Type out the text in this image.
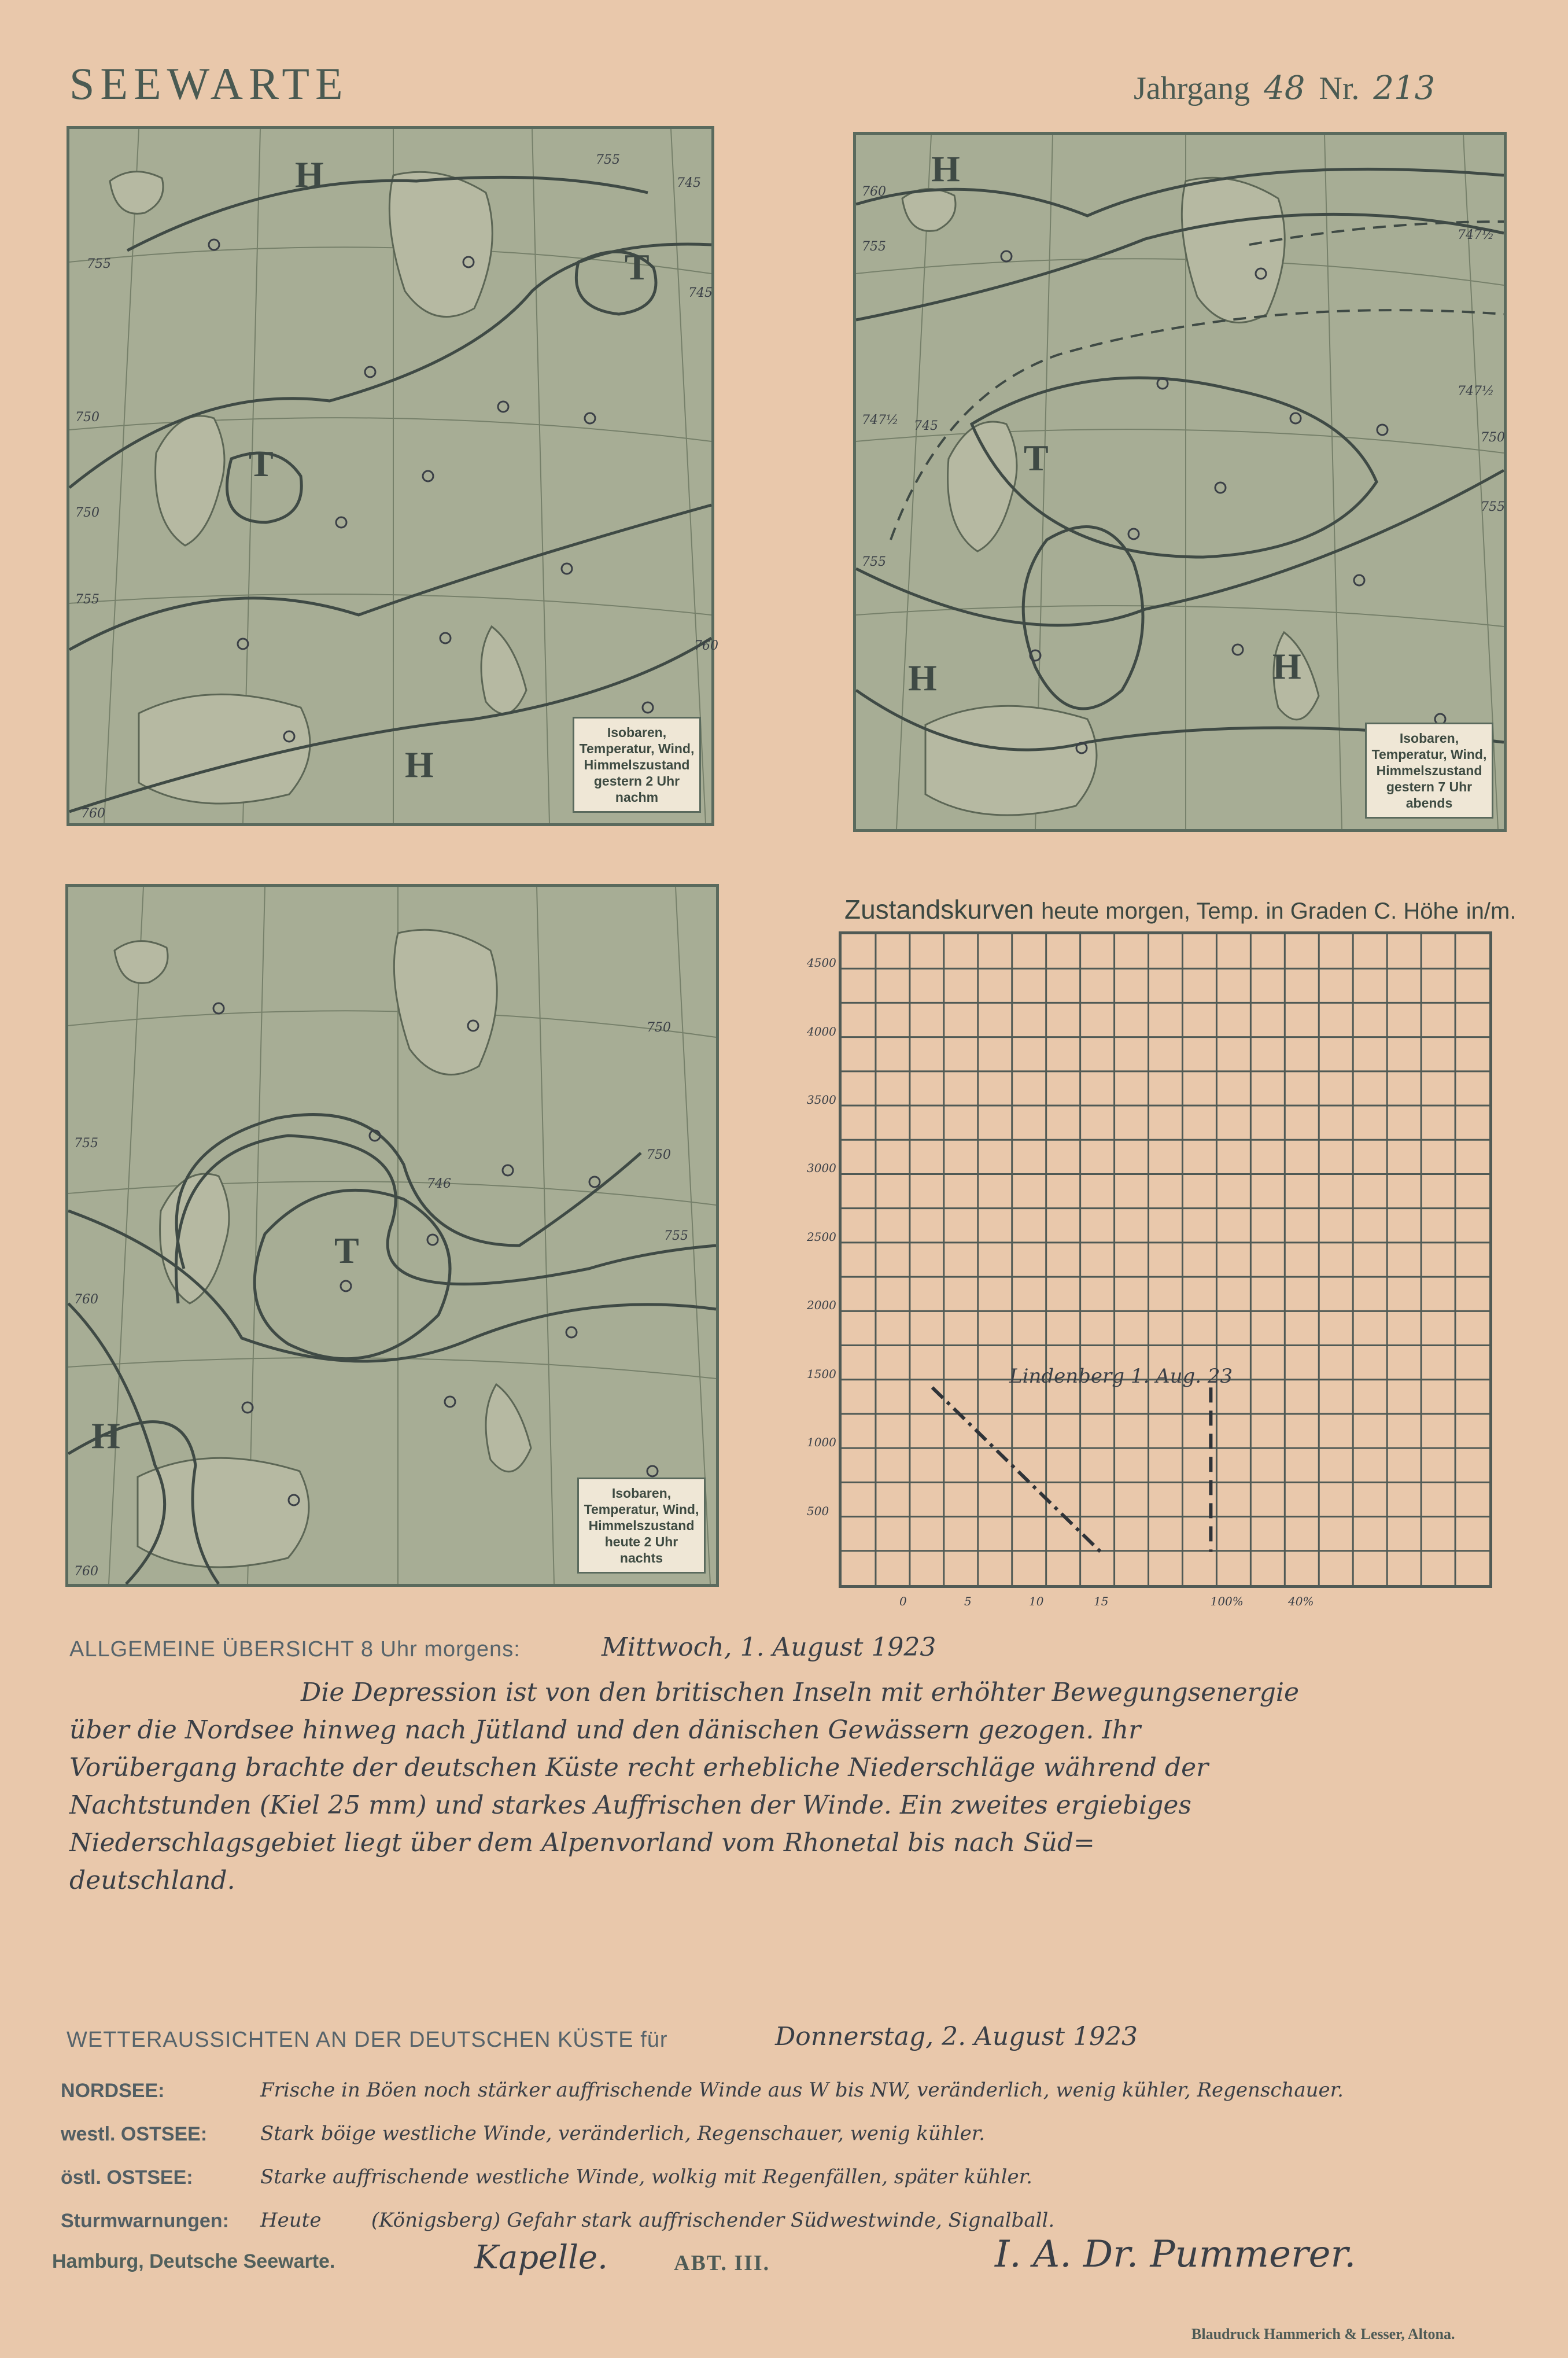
SEEWARTE	Jahrgang 48 Nr. 213
H
T
T
H
755
745
745
750
750
755
760
755
760
Isobaren,
Temperatur, Wind,
Himmelszustand
gestern 2 Uhr nachm
H
T
H
H
760
755
747½
747½ 745
747½
750
755
755
Isobaren,
Temperatur, Wind,
Himmelszustand
gestern 7 Uhr abends
T
H
750
750
755
746
755
760
760
Isobaren,
Temperatur, Wind,
Himmelszustand
heute 2 Uhr nachts
Zustandskurven heute morgen, Temp. in Graden C. Höhe in/m.
Lindenberg 1. Aug. 23
4500
4000
3500
3000
2500
2000
1500
1000
500
0	5	10	15	100%	40%
ALLGEMEINE ÜBERSICHT 8 Uhr morgens:	Mittwoch, 1. August 1923
Die Depression ist von den britischen Inseln mit erhöhter Bewegungsenergie
über die Nordsee hinweg nach Jütland und den dänischen Gewässern gezogen. Ihr
Vorübergang brachte der deutschen Küste recht erhebliche Niederschläge während der
Nachtstunden (Kiel 25 mm) und starkes Auffrischen der Winde. Ein zweites ergiebiges
Niederschlagsgebiet liegt über dem Alpenvorland vom Rhonetal bis nach Süd=
deutschland.
WETTERAUSSICHTEN AN DER DEUTSCHEN KÜSTE für	Donnerstag, 2. August 1923
NORDSEE:	Frische in Böen noch stärker auffrischende Winde aus W bis NW, veränderlich, wenig kühler, Regenschauer.
westl. OSTSEE:	Stark böige westliche Winde, veränderlich, Regenschauer, wenig kühler.
östl. OSTSEE:	Starke auffrischende westliche Winde, wolkig mit Regenfällen, später kühler.
Sturmwarnungen: Heute        (Königsberg) Gefahr stark auffrischender Südwestwinde, Signalball.
Hamburg, Deutsche Seewarte.	Kapelle.	ABT. III.	I. A. Dr. Pummerer.
Blaudruck Hammerich & Lesser, Altona.
